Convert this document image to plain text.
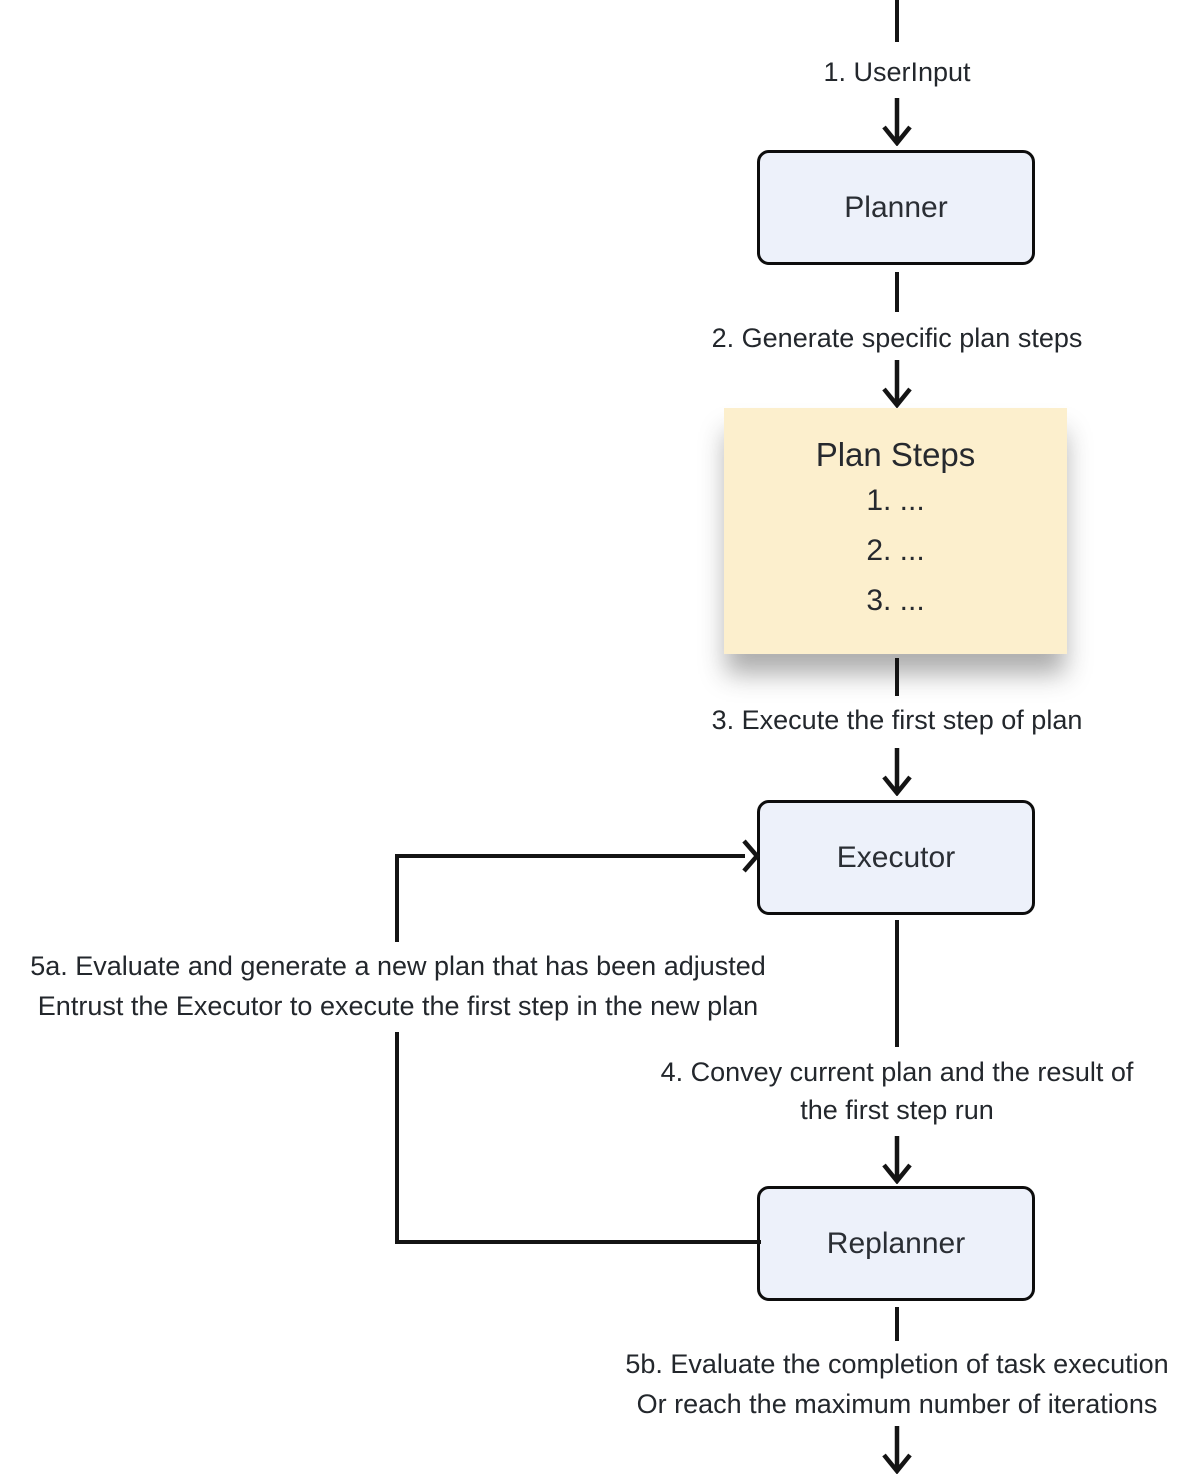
1. UserInput
Planner
2. Generate specific plan steps
Plan Steps
1. ...
2. ...
3. ...
3. Execute the first step of plan
Executor
4. Convey current plan and the result of
the first step run
Replanner
5b. Evaluate the completion of task execution
Or reach the maximum number of iterations
5a. Evaluate and generate a new plan that has been adjusted
Entrust the Executor to execute the first step in the new plan
